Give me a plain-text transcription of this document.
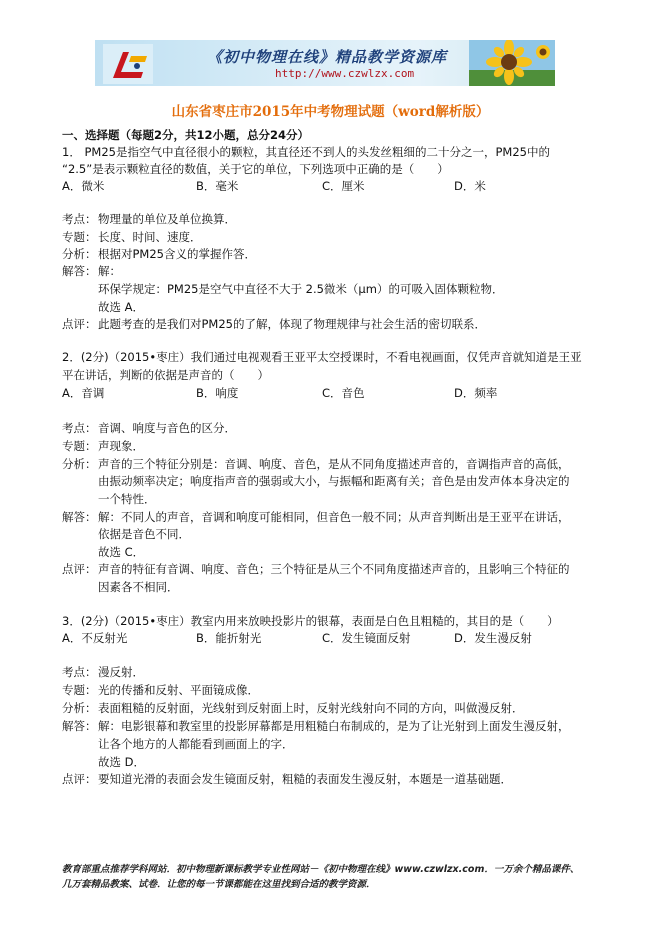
《初中物理在线》精品教学资源库
http://www.czwlzx.com
山东省枣庄市2015年中考物理试题（word解析版）
一、选择题（每题2分，共12小题，总分24分）
1． PM25是指空气中直径很小的颗粒，其直径还不到人的头发丝粗细的二十分之一，PM25中的
“2.5”是表示颗粒直径的数值，关于它的单位，下列选项中正确的是（　　）
A．微米	B．毫米	C．厘米	D．米
考点： 物理量的单位及单位换算．
专题： 长度、时间、速度．
分析： 根据对PM25含义的掌握作答．
解答： 解：
环保学规定：PM25是空气中直径不大于 2.5微米（μm）的可吸入固体颗粒物．
故选 A．
点评： 此题考查的是我们对PM25的了解，体现了物理规律与社会生活的密切联系．
2．(2分)（2015•枣庄）我们通过电视观看王亚平太空授课时，不看电视画面，仅凭声音就知道是王亚
平在讲话，判断的依据是声音的（　　）
A．音调	B．响度	C．音色	D．频率
考点： 音调、响度与音色的区分．
专题： 声现象．
分析： 声音的三个特征分别是：音调、响度、音色，是从不同角度描述声音的，音调指声音的高低，
由振动频率决定；响度指声音的强弱或大小，与振幅和距离有关；音色是由发声体本身决定的
一个特性．
解答： 解：不同人的声音，音调和响度可能相同，但音色一般不同；从声音判断出是王亚平在讲话，
依据是音色不同．
故选 C．
点评： 声音的特征有音调、响度、音色；三个特征是从三个不同角度描述声音的，且影响三个特征的
因素各不相同．
3．(2分)（2015•枣庄）教室内用来放映投影片的银幕，表面是白色且粗糙的，其目的是（　　）
A．不反射光	B．能折射光	C．发生镜面反射	D．发生漫反射
考点： 漫反射．
专题： 光的传播和反射、平面镜成像．
分析： 表面粗糙的反射面，光线射到反射面上时，反射光线射向不同的方向，叫做漫反射．
解答： 解：电影银幕和教室里的投影屏幕都是用粗糙白布制成的，是为了让光射到上面发生漫反射，
让各个地方的人都能看到画面上的字．
故选 D．
点评： 要知道光滑的表面会发生镜面反射，粗糙的表面发生漫反射，本题是一道基础题．
教育部重点推荐学科网站．初中物理新课标教学专业性网站－《初中物理在线》www.czwlzx.com．一万余个精品课件、
几万套精品教案、试卷．让您的每一节课都能在这里找到合适的教学资源．
